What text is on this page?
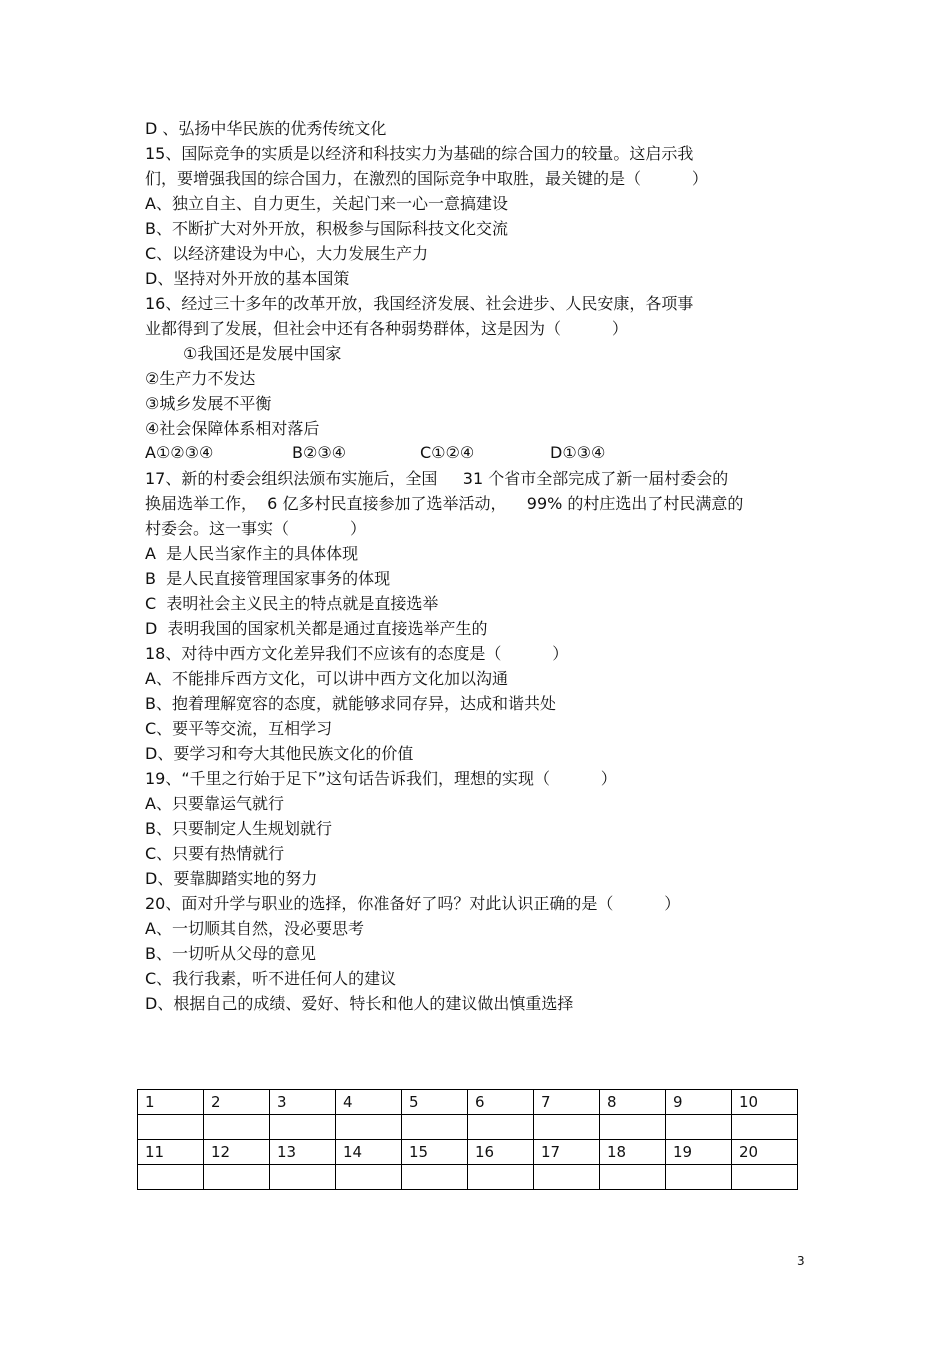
D 、弘扬中华民族的优秀传统文化
15、国际竞争的实质是以经济和科技实力为基础的综合国力的较量。这启示我
们，要增强我国的综合国力，在激烈的国际竞争中取胜，最关键的是（          ）
A、独立自主、自力更生，关起门来一心一意搞建设
B、不断扩大对外开放，积极参与国际科技文化交流
C、以经济建设为中心，大力发展生产力
D、坚持对外开放的基本国策
16、经过三十多年的改革开放，我国经济发展、社会进步、人民安康，各项事
业都得到了发展，但社会中还有各种弱势群体，这是因为（          ）
①我国还是发展中国家
②生产力不发达
③城乡发展不平衡
④社会保障体系相对落后
A①②③④	B②③④	C①②④	D①③④
17、新的村委会组织法颁布实施后，全国     31 个省市全部完成了新一届村委会的
换届选举工作，  6 亿多村民直接参加了选举活动，    99% 的村庄选出了村民满意的
村委会。这一事实（            ）
A  是人民当家作主的具体体现
B  是人民直接管理国家事务的体现
C  表明社会主义民主的特点就是直接选举
D  表明我国的国家机关都是通过直接选举产生的
18、对待中西方文化差异我们不应该有的态度是（          ）
A、不能排斥西方文化，可以讲中西方文化加以沟通
B、抱着理解宽容的态度，就能够求同存异，达成和谐共处
C、要平等交流，互相学习
D、要学习和夸大其他民族文化的价值
19、“千里之行始于足下”这句话告诉我们，理想的实现（          ）
A、只要靠运气就行
B、只要制定人生规划就行
C、只要有热情就行
D、要靠脚踏实地的努力
20、面对升学与职业的选择，你准备好了吗？对此认识正确的是（          ）
A、一切顺其自然，没必要思考
B、一切听从父母的意见
C、我行我素，听不进任何人的建议
D、根据自己的成绩、爱好、特长和他人的建议做出慎重选择
1	2	3	4	5	6	7	8	9	10

11	12	13	14	15	16	17	18	19	20

3
